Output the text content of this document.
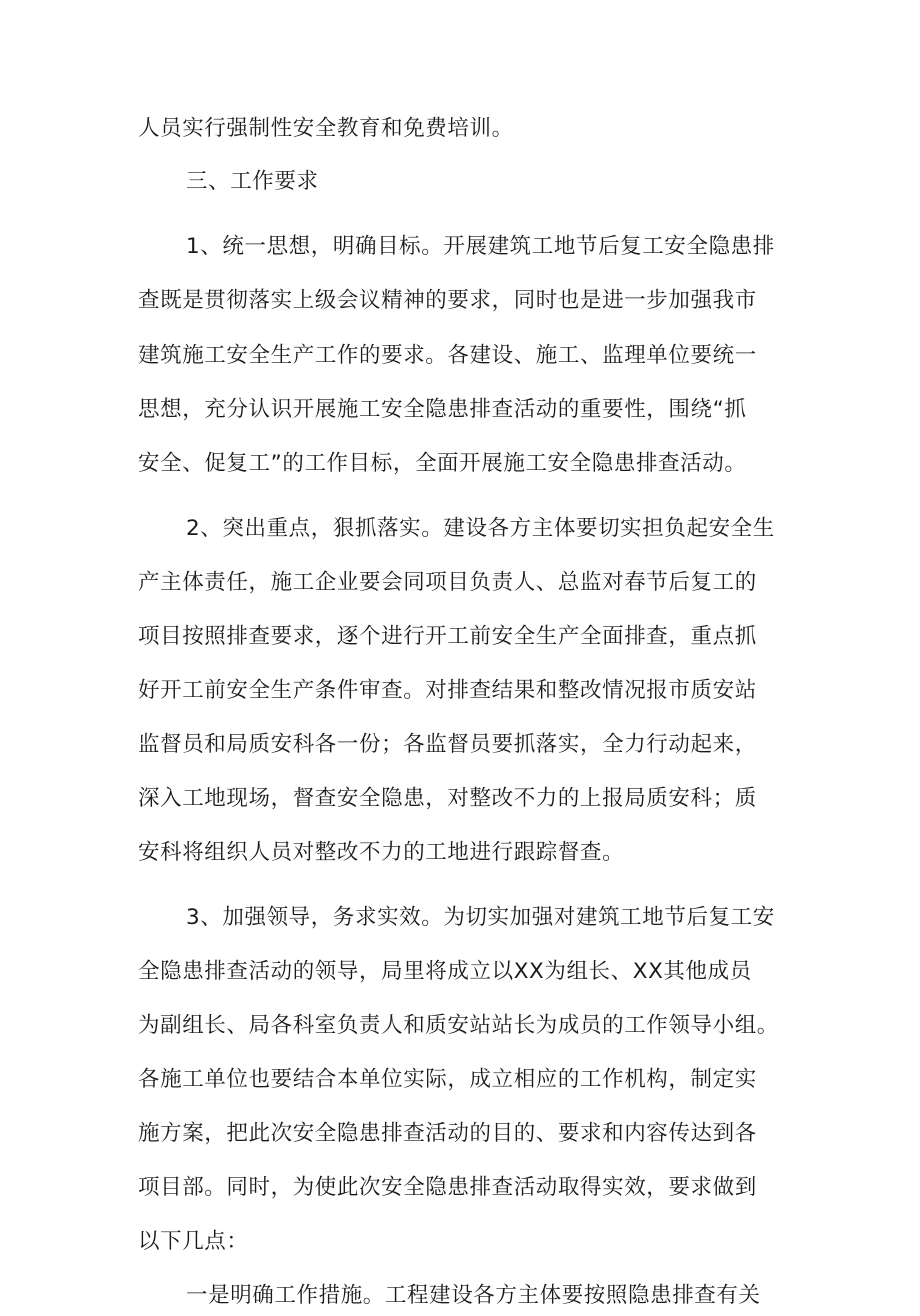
人员实行强制性安全教育和免费培训。
三、工作要求
1、统一思想，明确目标。开展建筑工地节后复工安全隐患排
查既是贯彻落实上级会议精神的要求，同时也是进一步加强我市
建筑施工安全生产工作的要求。各建设、施工、监理单位要统一
思想，充分认识开展施工安全隐患排查活动的重要性，围绕“抓
安全、促复工”的工作目标，全面开展施工安全隐患排查活动。
2、突出重点，狠抓落实。建设各方主体要切实担负起安全生
产主体责任，施工企业要会同项目负责人、总监对春节后复工的
项目按照排查要求，逐个进行开工前安全生产全面排查，重点抓
好开工前安全生产条件审查。对排查结果和整改情况报市质安站
监督员和局质安科各一份；各监督员要抓落实，全力行动起来，
深入工地现场，督查安全隐患，对整改不力的上报局质安科；质
安科将组织人员对整改不力的工地进行跟踪督查。
3、加强领导，务求实效。为切实加强对建筑工地节后复工安
全隐患排查活动的领导，局里将成立以XX为组长、XX其他成员
为副组长、局各科室负责人和质安站站长为成员的工作领导小组。
各施工单位也要结合本单位实际，成立相应的工作机构，制定实
施方案，把此次安全隐患排查活动的目的、要求和内容传达到各
项目部。同时，为使此次安全隐患排查活动取得实效，要求做到
以下几点：
一是明确工作措施。工程建设各方主体要按照隐患排查有关
